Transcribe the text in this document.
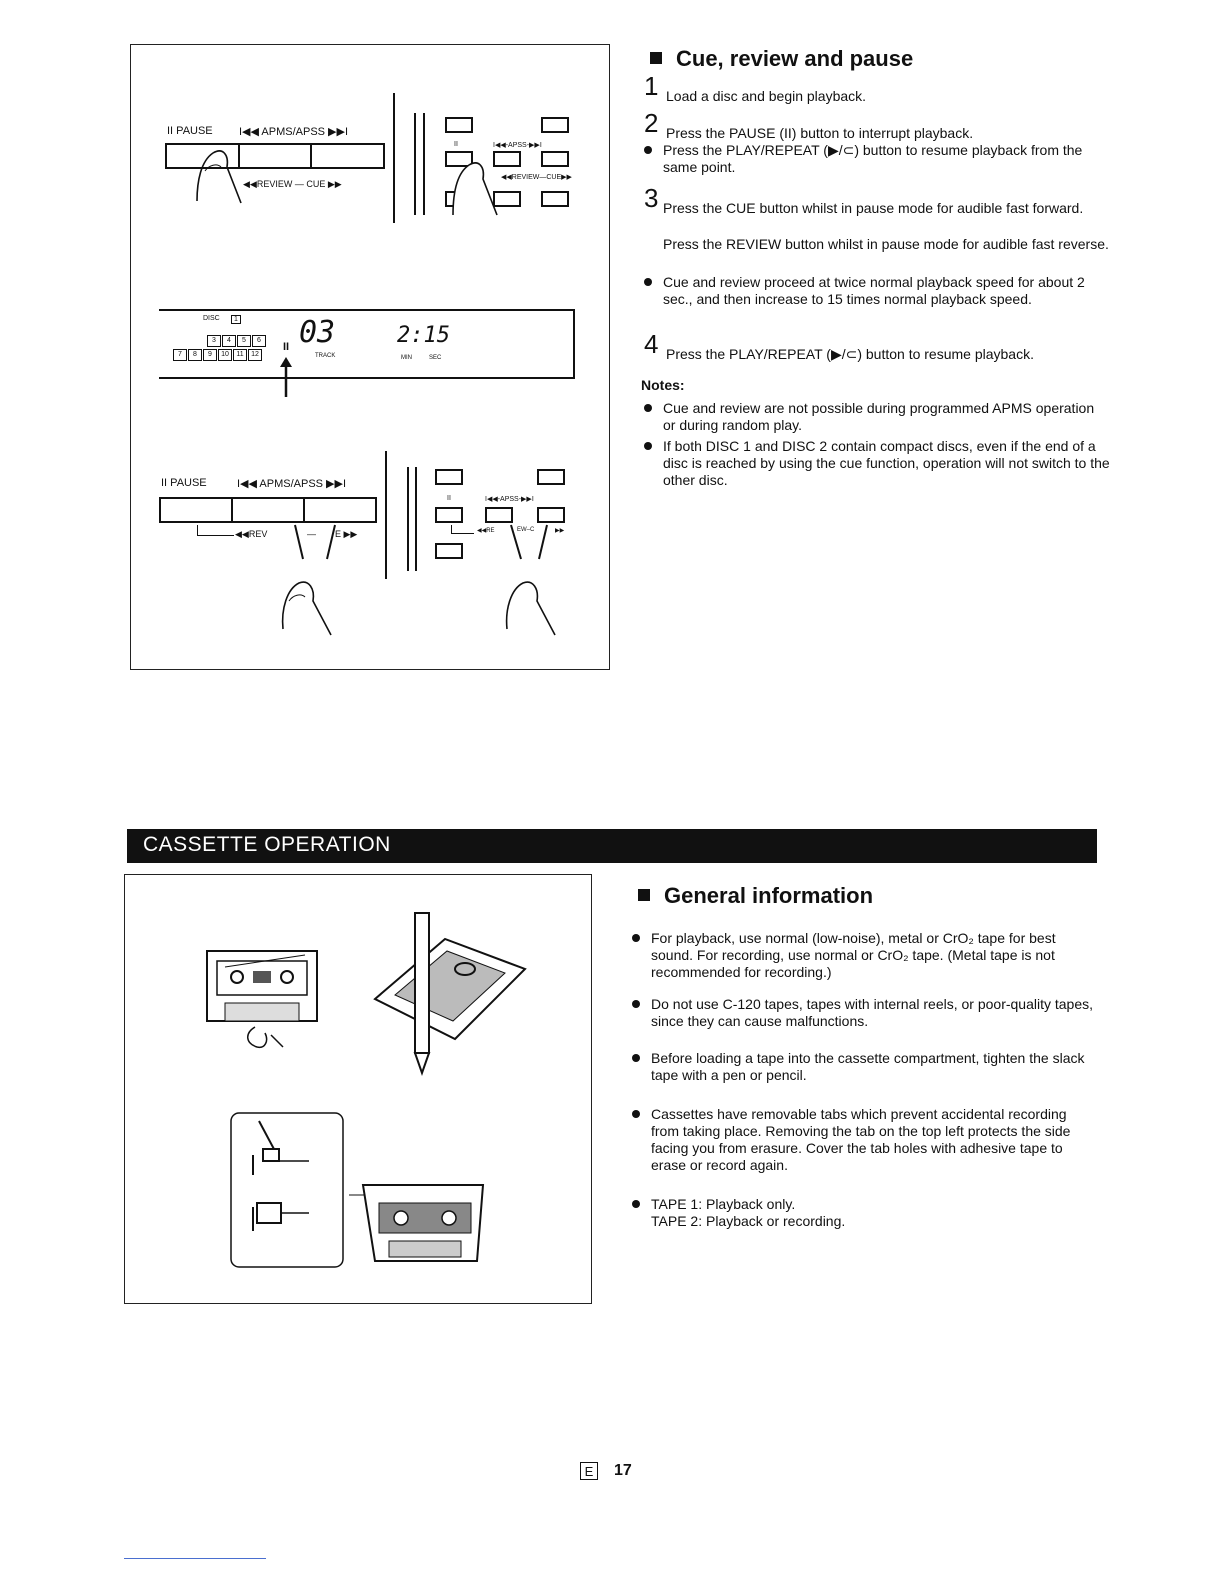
II PAUSE I◀◀ APMS/APSS ▶▶I
◀◀REVIEW — CUE ▶▶
II	I◀◀-APSS-▶▶I
◀◀REVIEW—CUE▶▶
DISC	1
3 4 5 6
7 8 9 10 11 12
II 03
TRACK
2:15
MIN	SEC
II PAUSE	I◀◀ APMS/APSS ▶▶I
◀◀REV	— E ▶▶
II	I◀◀-APSS-▶▶I
◀◀RE	EW–C	▶▶
Cue, review and pause
1 Load a disc and begin playback.
2 Press the PAUSE (II) button to interrupt playback.
Press the PLAY/REPEAT (▶/⊂) button to resume playback from the same point.
3 Press the CUE button whilst in pause mode for audible fast forward.
Press the REVIEW button whilst in pause mode for audible fast reverse.
Cue and review proceed at twice normal playback speed for about 2 sec., and then increase to 15 times normal playback speed.
4 Press the PLAY/REPEAT (▶/⊂) button to resume playback.
Notes:
Cue and review are not possible during programmed APMS operation or during random play.
If both DISC 1 and DISC 2 contain compact discs, even if the end of a disc is reached by using the cue function, operation will not switch to the other disc.
CASSETTE OPERATION
General information
For playback, use normal (low-noise), metal or CrO₂ tape for best sound. For recording, use normal or CrO₂ tape. (Metal tape is not recommended for recording.)
Do not use C-120 tapes, tapes with internal reels, or poor-quality tapes, since they can cause malfunctions.
Before loading a tape into the cassette compartment, tighten the slack tape with a pen or pencil.
Cassettes have removable tabs which prevent accidental recording from taking place. Removing the tab on the top left protects the side facing you from erasure. Cover the tab holes with adhesive tape to erase or record again.
TAPE 1: Playback only.
TAPE 2: Playback or recording.
E 17
